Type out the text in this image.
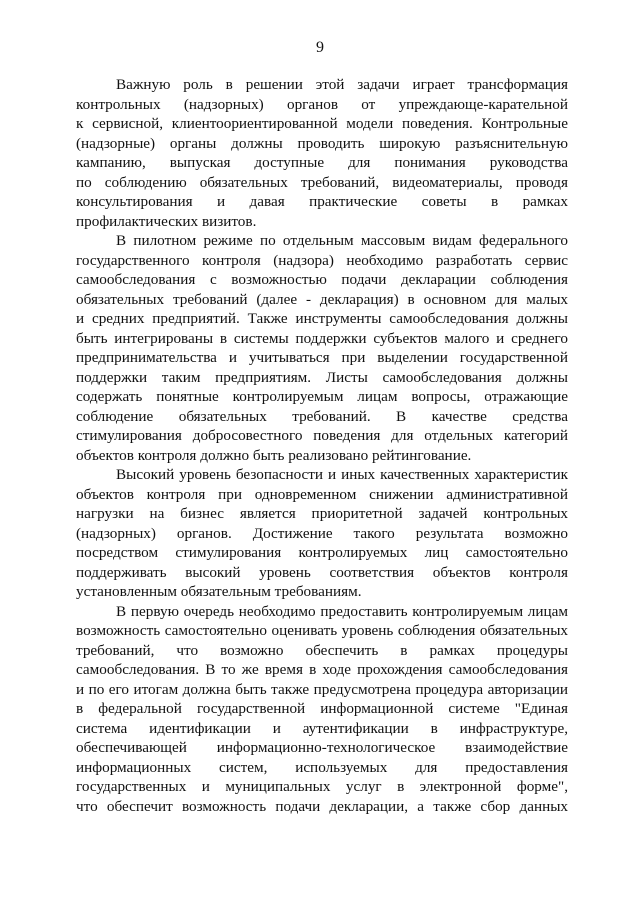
9
Важную роль в решении этой задачи играет трансформация
контрольных (надзорных) органов от упреждающе-карательной
к сервисной, клиентоориентированной модели поведения. Контрольные
(надзорные) органы должны проводить широкую разъяснительную
кампанию, выпуская доступные для понимания руководства
по соблюдению обязательных требований, видеоматериалы, проводя
консультирования и давая практические советы в рамках
профилактических визитов.
В пилотном режиме по отдельным массовым видам федерального
государственного контроля (надзора) необходимо разработать сервис
самообследования с возможностью подачи декларации соблюдения
обязательных требований (далее - декларация) в основном для малых
и средних предприятий. Также инструменты самообследования должны
быть интегрированы в системы поддержки субъектов малого и среднего
предпринимательства и учитываться при выделении государственной
поддержки таким предприятиям. Листы самообследования должны
содержать понятные контролируемым лицам вопросы, отражающие
соблюдение обязательных требований. В качестве средства
стимулирования добросовестного поведения для отдельных категорий
объектов контроля должно быть реализовано рейтингование.
Высокий уровень безопасности и иных качественных характеристик
объектов контроля при одновременном снижении административной
нагрузки на бизнес является приоритетной задачей контрольных
(надзорных) органов. Достижение такого результата возможно
посредством стимулирования контролируемых лиц самостоятельно
поддерживать высокий уровень соответствия объектов контроля
установленным обязательным требованиям.
В первую очередь необходимо предоставить контролируемым лицам
возможность самостоятельно оценивать уровень соблюдения обязательных
требований, что возможно обеспечить в рамках процедуры
самообследования. В то же время в ходе прохождения самообследования
и по его итогам должна быть также предусмотрена процедура авторизации
в федеральной государственной информационной системе "Единая
система идентификации и аутентификации в инфраструктуре,
обеспечивающей информационно-технологическое взаимодействие
информационных систем, используемых для предоставления
государственных и муниципальных услуг в электронной форме",
что обеспечит возможность подачи декларации, а также сбор данных
